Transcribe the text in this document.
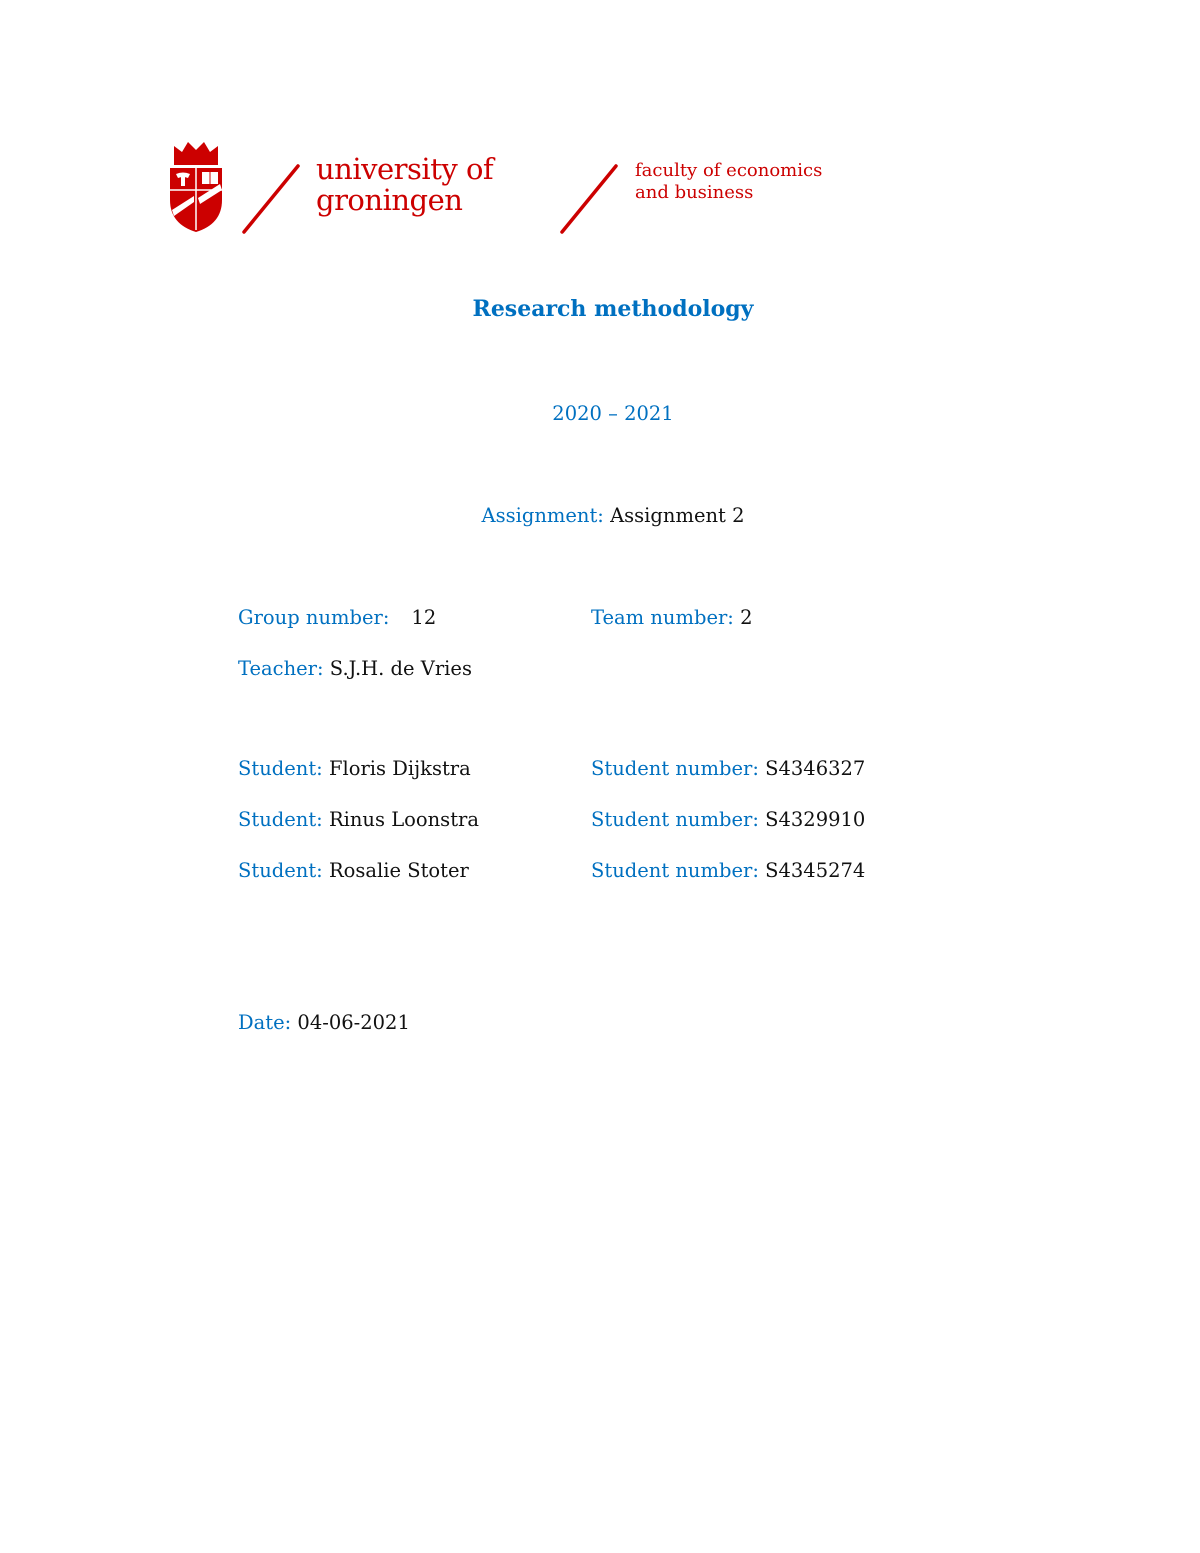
university of
groningen
faculty of economics
and business
Research methodology
2020 – 2021
Assignment: Assignment 2
Group number: 12	Team number: 2
Teacher: S.J.H. de Vries
Student: Floris Dijkstra	Student number: S4346327
Student: Rinus Loonstra	Student number: S4329910
Student: Rosalie Stoter	Student number: S4345274
Date: 04-06-2021
